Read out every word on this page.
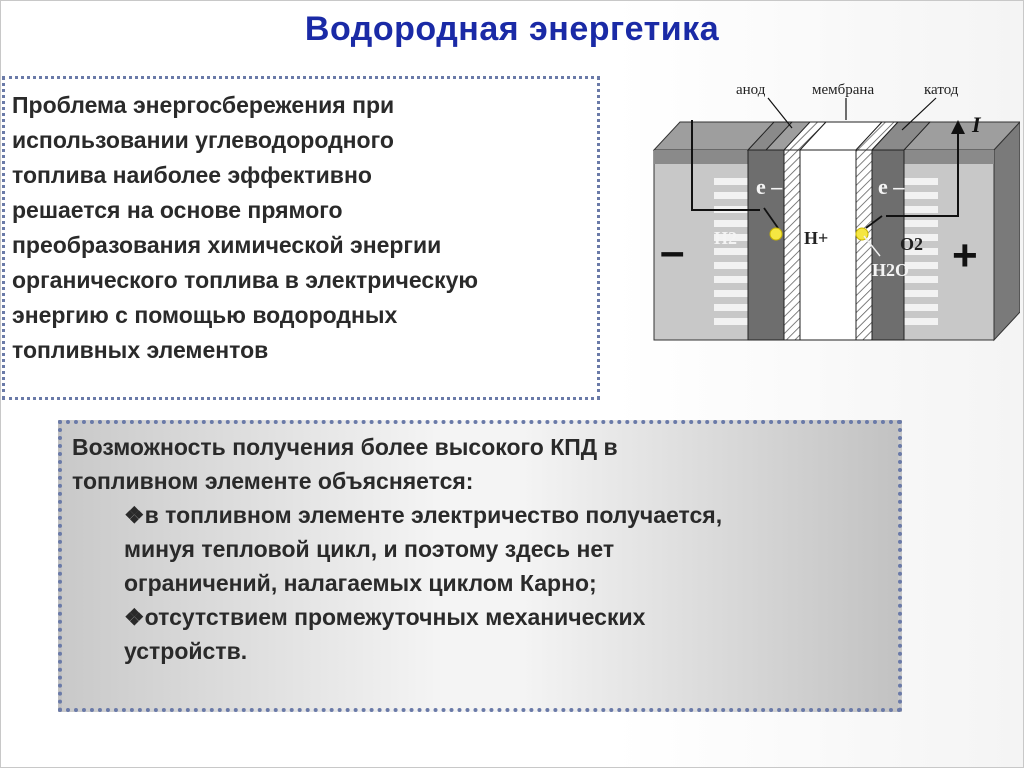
Водородная энергетика
Проблема энергосбережения при
использовании углеводородного
топлива наиболее эффективно
решается на основе прямого
преобразования химической энергии
органического топлива в электрическую
энергию с помощью водородных
топливных элементов
анод	мембрана	катод
I
e –	e –
H2	H+	O2
H2O
–	+
Возможность получения более высокого КПД в
топливном элементе объясняется:
❖в топливном элементе электричество получается,
минуя тепловой цикл, и поэтому здесь нет
ограничений, налагаемых циклом Карно;
❖отсутствием промежуточных механических
устройств.
